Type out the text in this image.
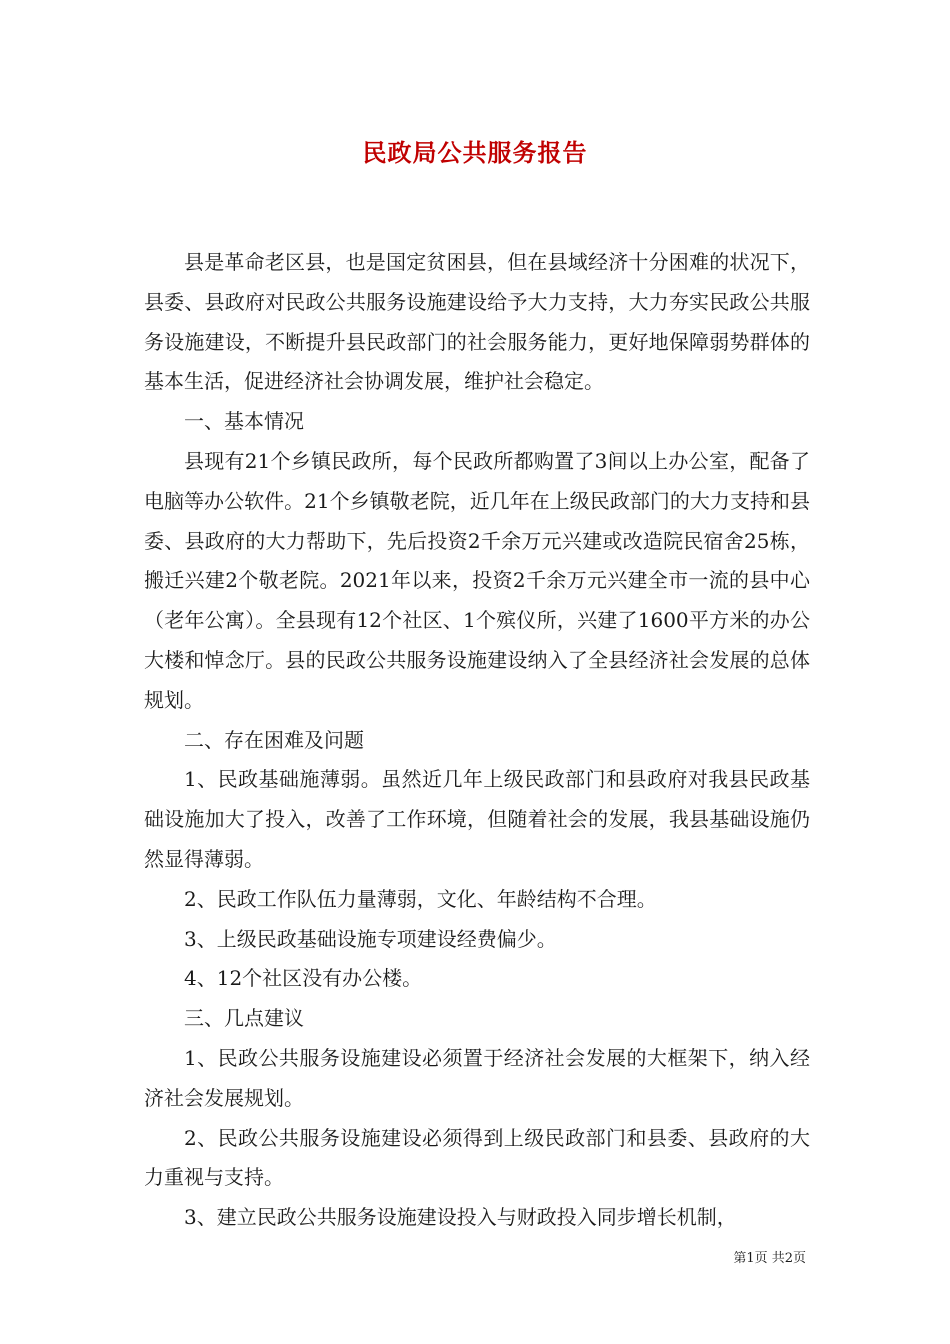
民政局公共服务报告

县是革命老区县，也是国定贫困县，但在县域经济十分困难的状况下，县委、县政府对民政公共服务设施建设给予大力支持，大力夯实民政公共服务设施建设，不断提升县民政部门的社会服务能力，更好地保障弱势群体的基本生活，促进经济社会协调发展，维护社会稳定。

一、基本情况

县现有21个乡镇民政所，每个民政所都购置了3间以上办公室，配备了电脑等办公软件。21个乡镇敬老院，近几年在上级民政部门的大力支持和县委、县政府的大力帮助下，先后投资2千余万元兴建或改造院民宿舍25栋，搬迁兴建2个敬老院。2021年以来，投资2千余万元兴建全市一流的县中心（老年公寓）。全县现有12个社区、1个殡仪所，兴建了1600平方米的办公大楼和悼念厅。县的民政公共服务设施建设纳入了全县经济社会发展的总体规划。

二、存在困难及问题

1、民政基础施薄弱。虽然近几年上级民政部门和县政府对我县民政基础设施加大了投入，改善了工作环境，但随着社会的发展，我县基础设施仍然显得薄弱。

2、民政工作队伍力量薄弱，文化、年龄结构不合理。

3、上级民政基础设施专项建设经费偏少。

4、12个社区没有办公楼。

三、几点建议

1、民政公共服务设施建设必须置于经济社会发展的大框架下，纳入经济社会发展规划。

2、民政公共服务设施建设必须得到上级民政部门和县委、县政府的大力重视与支持。

3、建立民政公共服务设施建设投入与财政投入同步增长机制，

第1页 共2页
